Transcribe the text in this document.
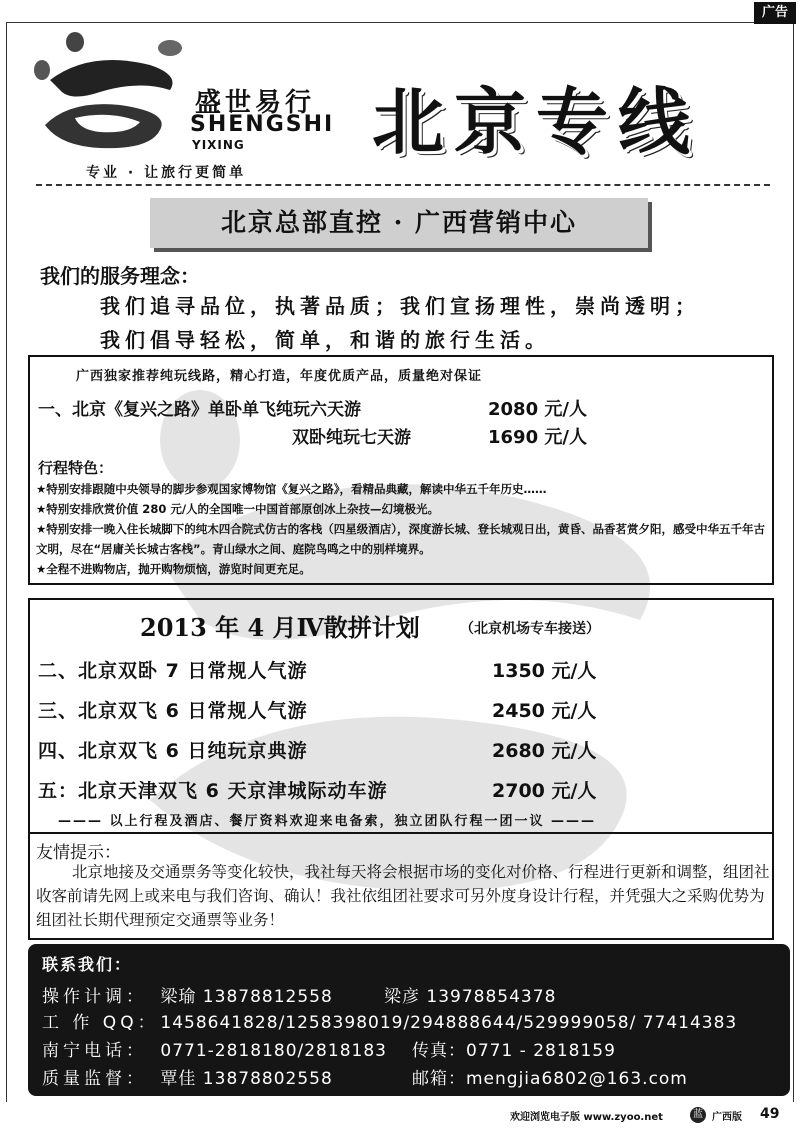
广告
盛世易行
SHENGSHI
YIXING 北京专线
专业 · 让旅行更简单
北京总部直控 · 广西营销中心
我们的服务理念：
我们追寻品位，执著品质；我们宣扬理性，崇尚透明；
我们倡导轻松，简单，和谐的旅行生活。
广西独家推荐纯玩线路，精心打造，年度优质产品，质量绝对保证
一、北京《复兴之路》单卧单飞纯玩六天游	2080 元/人
双卧纯玩七天游	1690 元/人
行程特色：
★特别安排跟随中央领导的脚步参观国家博物馆《复兴之路》，看精品典藏，解读中华五千年历史……
★特别安排欣赏价值 280 元/人的全国唯一中国首部原创冰上杂技—幻境极光。
★特别安排一晚入住长城脚下的纯木四合院式仿古的客栈（四星级酒店），深度游长城、登长城观日出，黄昏、品香茗赏夕阳，感受中华五千年古文明，尽在“居庸关长城古客栈”。青山绿水之间、庭院鸟鸣之中的别样境界。
★全程不进购物店，抛开购物烦恼，游览时间更充足。
2013 年 4 月Ⅳ散拼计划	（北京机场专车接送）
二、北京双卧 7 日常规人气游	1350 元/人
三、北京双飞 6 日常规人气游	2450 元/人
四、北京双飞 6 日纯玩京典游	2680 元/人
五：北京天津双飞 6 天京津城际动车游	2700 元/人
——— 以上行程及酒店、餐厅资料欢迎来电备索，独立团队行程一团一议 ———
友情提示：
北京地接及交通票务等变化较快，我社每天将会根据市场的变化对价格、行程进行更新和调整，组团社收客前请先网上或来电与我们咨询、确认！我社依组团社要求可另外度身设计行程，并凭强大之采购优势为组团社长期代理预定交通票等业务！
联系我们：
操作计调： 梁瑜 13878812558	梁彦 13978854378
工 作 QQ： 1458641828/1258398019/294888644/529999058/ 77414383
南宁电话： 0771-2818180/2818183 传真：0771 - 2818159
质量监督： 覃佳 13878802558	邮箱：mengjia6802@163.com
欢迎浏览电子版 www.zyoo.net	蓝 广西版 49
